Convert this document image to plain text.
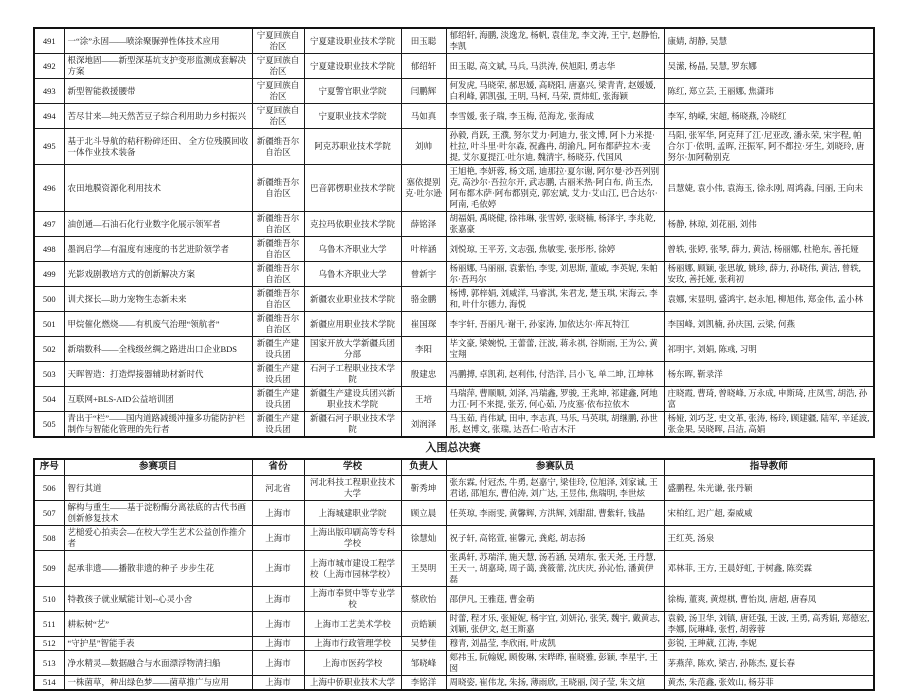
491	一“涂”永固——喷涂聚脲弹性体技术应用	宁夏回族自治区	宁夏建设职业技术学院	田玉聪	郁绍轩, 海鹏, 淡逸龙, 杨帆, 袁佳龙, 李文涛, 王宁, 赵静怡, 李凯	康婧, 胡静, 吴慧
492	根深地固——新型深基坑支护变形监测成套解决方案	宁夏回族自治区	宁夏建设职业技术学院	郁绍轩	田玉聪, 高文斌, 马兵, 马洪涛, 侯旭阳, 勇志华	吴潆, 杨晶, 吴慧, 罗东娜
493	新型智能救援腰带	宁夏回族自治区	宁夏警官职业学院	闫鹏辉	何发虎, 马晓荣, 郝思媛, 高晓阳, 唐嘉兴, 梁青青, 赵媛媛, 白利峰, 郭凯强, 王明, 马柯, 马荣, 贾炜虹, 张海颖	陈红, 郑立芸, 王丽娜, 焦潇玮
494	苦尽甘来—纯天然苦豆子综合利用助力乡村振兴	宁夏回族自治区	宁夏职业技术学院	马如真	李雪媛, 张子瑞, 李玉梅, 范海龙, 张海成	李军, 纳嵘, 宋超, 杨晓燕, 冷晓红
495	基于北斗导航的秸秆粉碎还田、 全方位残膜回收一体作业技术装备	新疆维吾尔自治区	阿克苏职业技术学院	刘帅	孙毅, 肖跃, 王濮, 努尔艾力·阿迪力, 张文博, 阿卜力米提·杜拉, 叶斗里·叶尔森, 祝鑫冉, 胡渝凡, 阿布都萨拉木·麦提, 艾尔夏提江·吐尔迪, 魏清宇, 杨晓芬, 代国风	马阳, 张军华, 阿克拜了江·尼亚改, 潘永荣, 宋宇程, 帕合尔丁·依明, 孟晖, 汪振军, 阿不都拉·牙生, 刘晓玲, 唐努尔·加阿勒别克
496	农田地膜资源化利用技术	新疆维吾尔自治区	巴音郭楞职业技术学院	塞依提别克·吐尔逊	王旭艳, 李妍蓉, 杨文瑶, 迪那拉·夏尔谢, 阿尔曼·沙吾列别克, 高沙尔·吾拉尔开, 武志鹏, 古丽米热·阿白布, 尚玉杰, 阿布都木萨·阿布都别克, 郭宏斌, 艾力·艾山江, 巴合达尔·阿南, 毛依婷	吕慧婕, 袁小伟, 袁海玉, 徐永刚, 周鸿淼, 闫丽, 王向未
497	油创通—石油石化行业数字化展示领军者	新疆维吾尔自治区	克拉玛依职业技术学院	薛铭泽	胡福娟, 禹晓健, 徐祎琳, 张雪婷, 张晓楠, 杨泽宇, 李兆乾, 张嘉豪	杨静, 林琼, 刘花丽, 刘伟
498	墨润启学—有温度有速度的书艺进阶领学者	新疆维吾尔自治区	乌鲁木齐职业大学	叶梓涵	刘悦琼, 王平芳, 文志强, 焦敏雯, 张彤彤, 徐婷	曾轶, 张婷, 张琴, 薛力, 黄洁, 杨丽娜, 杜艳东, 善托娅
499	光影戏剧教培方式的创新解决方案	新疆维吾尔自治区	乌鲁木齐职业大学	曾新宇	杨丽娜, 马丽丽, 袁紫怡, 李雯, 刘思斯, 董威, 李英妮, 朱帕尔·吾玛尔	杨丽娜, 顾颖, 张思敏, 姚珍, 薛力, 孙晓伟, 黄洁, 曾轶, 安玫, 善托娅, 张莉初
500	训犬探长—助力宠物生态新未来	新疆维吾尔自治区	新疆农业职业技术学院	骆金鹏	杨博, 郭梓娟, 刘威洋, 马睿淇, 朱君龙, 楚玉琪, 宋海云, 李和, 叶什尔德力, 海悦	袁娜, 宋显明, 盛鸿宇, 赵永旭, 柳旭伟, 郑金伟, 孟小林
501	甲烷催化燃烧——有机废气治理“领航者”	新疆维吾尔自治区	新疆应用职业技术学院	崔国琛	李宇轩, 吾丽凡·谢干, 孙家涛, 加依达尔·库瓦特江	李国峰, 刘凯楠, 孙庆国, 云梁, 何燕
502	新瑞数科——全栈级丝绸之路进出口企业BDS	新疆生产建设兵团	国家开放大学新疆兵团分部	李阳	毕文豪, 梁婉悦, 王蕾蕾, 汪波, 蒋永祺, 谷斯雨, 王为公, 黄宝翔	祁明宇, 刘娟, 陈彧, 习明
503	天晖智造：打造焊接器辅助材新时代	新疆生产建设兵团	石河子工程职业技术学院	殷建忠	冯鹏搏, 卓凯莉, 赵利伟, 付浩洋, 吕小飞, 单二坤, 江坤林	杨东晖, 靳录洋
504	互联网+BLS-AID公益培训团	新疆生产建设兵团	新疆生产建设兵团兴新职业技术学院	王培	马瑞萍, 曹顺顺, 刘泽, 冯瑞鑫, 罗骏, 王兆坤, 祁建鑫, 阿地力江·阿不来提, 张芳, 何心茹, 乃皮塞·依布拉依木	庄晓霞, 曹琦, 曾晓峰, 万永成, 申斯琦, 庄凤雪, 胡浩, 孙富
505	青出于“栏”——国内道路减缓冲撞多功能防护栏 制作与智能化管理的先行者	新疆生产建设兵团	新疆石河子职业技术学院	刘润泽	马玉茹, 肖伟斌, 田申, 李志真, 马乐, 马英琪, 胡继鹏, 孙世彤, 赵博文, 张瑞, 达吾仁·哈吉木汗	杨娅, 刘巧芝, 史文革, 张涛, 杨玲, 顾建疆, 陆军, 辛延波, 张金果, 吴晓晖, 吕洁, 高娟
入围总决赛
序号	参赛项目	省份	学校	负责人	参赛队员	指导教师
506	智行其道	河北省	河北科技工程职业技术大学	靳秀坤	张东霖, 付冠杰, 牛勇, 赵嘉宁, 梁佳玲, 位旭泽, 刘家诚, 王君诺, 邵旭东, 曹伯涛, 刘广达, 王昱伟, 焦瑞明, 李世炫	盛鹏程, 朱光谦, 张丹颖
507	解构与重生——基于淀粉酶分离祛底的古代书画创新修复技术	上海市	上海城建职业学院	顾立晨	任英琼, 李雨雯, 黄馨辉, 方洪辉, 刘甜甜, 曹紫轩, 钱晶	宋柏红, 迟广超, 秦威威
508	艺槌爱心拍卖会—在校大学生艺术公益创作推介者	上海市	上海出版印刷高等专科学校	徐慧灿	祝子轩, 高铭萱, 崔馨元, 龚彪, 胡志扬	王红英, 汤泉
509	起承非遗——播散非遗的种子 步步生花	上海市	上海市城市建设工程学校（上海市园林学校）	王昊明	张禹轩, 苏瑞洋, 施天慧, 汤若涵, 吴靖东, 张天尧, 王丹慧, 王天一, 胡嘉琦, 周子蔼, 龚筱薷, 沈庆庆, 孙沁怡, 潘黄伊磊	邓林菲, 王方, 王晨妤虹, 于树鑫, 陈奕霖
510	特教孩子就业赋能计划--心灵小舍	上海市	上海市奉贤中等专业学校	蔡欣怡	邵伊凡, 王雅莛, 曹金萌	徐梅, 董爽, 黄煜棋, 曹怡岚, 唐超, 唐春凤
511	耕耘树“艺”	上海市	上海市工艺美术学校	贡皓颖	时蕾, 程才乐, 张娅妮, 杨宇宜, 刘妍沁, 张笑, 魏宇, 戴黄志, 刘颖, 张伊文, 赵王斯嘉	袁毅, 汤卫华, 刘镇, 唐廷强, 王波, 王勇, 高秀娟, 郑德宏, 李娜, 阮琳峰, 张哲, 胡蓉蓉
512	“守护星”智能手表	上海市	上海市行政管理学校	吴梦佳	穆青, 刘晶莹, 李欣雨, 叶成凯	彭锐, 王珅葳, 江涛, 李妮
513	净水精灵—数据融合与水面漂浮物清扫船	上海市	上海市医药学校	邹晓峰	郏祎玉, 阮翰妮, 顾俊琳, 宋晔晔, 崔晓雅, 彭颖, 李星宇, 王囡	茅燕萍, 陈欢, 梁吉, 孙陈杰, 夏长春
514	一株菌草，种出绿色梦——菌草推广与应用	上海市	上海中侨职业技术大学	李铭洋	周晓姿, 崔伟龙, 朱扬, 薄雨欣, 王晓丽, 闵子莹, 朱文煊	黄杰, 朱范鑫, 张效山, 杨芬菲
